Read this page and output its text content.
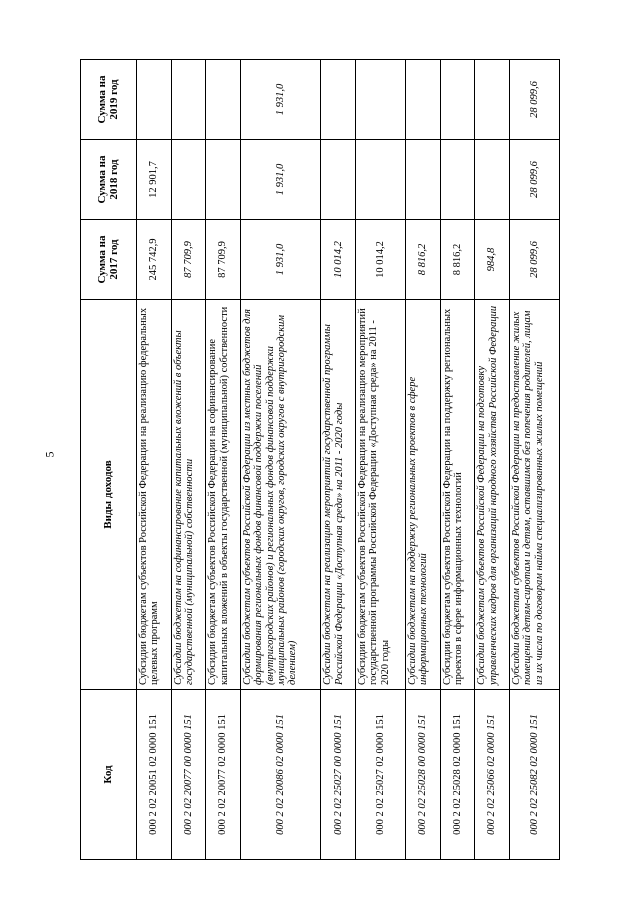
5
Код	Виды доходов	Сумма на 2017 год	Сумма на 2018 год	Сумма на 2019 год
000 2 02 20051 02 0000 151	Субсидии бюджетам субъектов Российской Федерации на реализацию федеральных целевых программ	245 742,9	12 901,7	
000 2 02 20077 00 0000 151	Субсидии бюджетам на софинансирование капитальных вложений в объекты государственной (муниципальной) собственности	87 709,9		
000 2 02 20077 02 0000 151	Субсидии бюджетам субъектов Российской Федерации на софинансирование капитальных вложений в объекты государственной (муниципальной) собственности	87 709,9		
000 2 02 20086 02 0000 151	Субсидии бюджетам субъектов Российской Федерации из местных бюджетов для формирования региональных фондов финансовой поддержки поселений (внутригородских районов) и региональных фондов финансовой поддержки муниципальных районов (городских округов, городских округов с внутригородским делением)	1 931,0	1 931,0	1 931,0
000 2 02 25027 00 0000 151	Субсидии бюджетам на реализацию мероприятий государственной программы Российской Федерации «Доступная среда» на 2011 - 2020 годы	10 014,2		
000 2 02 25027 02 0000 151	Субсидии бюджетам субъектов Российской Федерации на реализацию мероприятий государственной программы Российской Федерации «Доступная среда» на 2011 - 2020 годы	10 014,2		
000 2 02 25028 00 0000 151	Субсидии бюджетам на поддержку региональных проектов в сфере информационных технологий	8 816,2		
000 2 02 25028 02 0000 151	Субсидии бюджетам субъектов Российской Федерации на поддержку региональных проектов в сфере информационных технологий	8 816,2		
000 2 02 25066 02 0000 151	Субсидии бюджетам субъектов Российской Федерации на подготовку управленческих кадров для организаций народного хозяйства Российской Федерации	984,8		
000 2 02 25082 02 0000 151	Субсидии бюджетам субъектов Российской Федерации на предоставление жилых помещений детям-сиротам и детям, оставшимся без попечения родителей, лицам из их числа по договорам найма специализированных жилых помещений	28 099,6	28 099,6	28 099,6
